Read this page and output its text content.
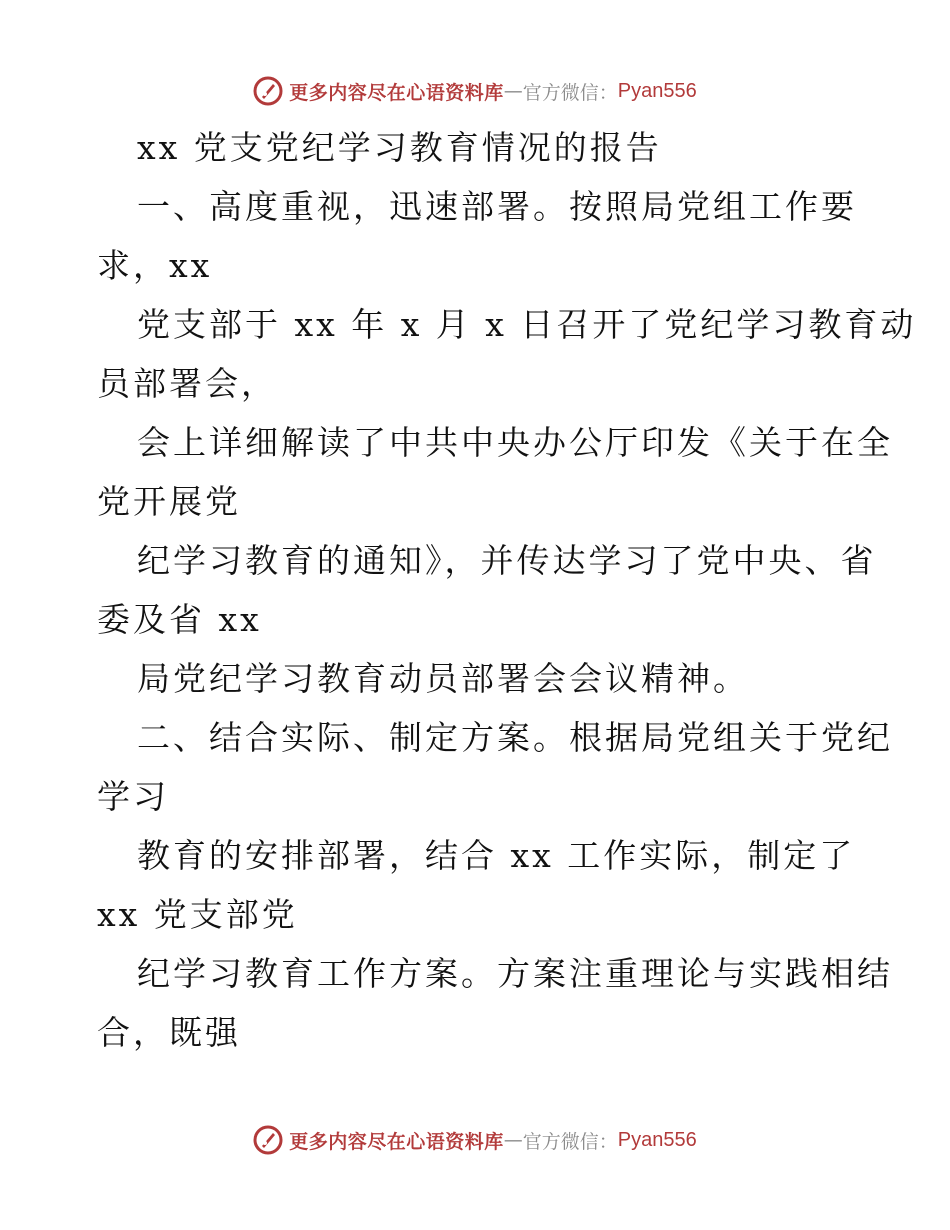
更多内容尽在心语资料库 — 官方微信： Pyan556
xx 党支党纪学习教育情况的报告
一、高度重视，迅速部署。按照局党组工作要
求，xx
党支部于 xx 年 x 月 x 日召开了党纪学习教育动
员部署会，
会上详细解读了中共中央办公厅印发《关于在全
党开展党
纪学习教育的通知》，并传达学习了党中央、省
委及省 xx
局党纪学习教育动员部署会会议精神。
二、结合实际、制定方案。根据局党组关于党纪
学习
教育的安排部署，结合 xx 工作实际，制定了
xx 党支部党
纪学习教育工作方案。方案注重理论与实践相结
合，既强
更多内容尽在心语资料库 — 官方微信： Pyan556
